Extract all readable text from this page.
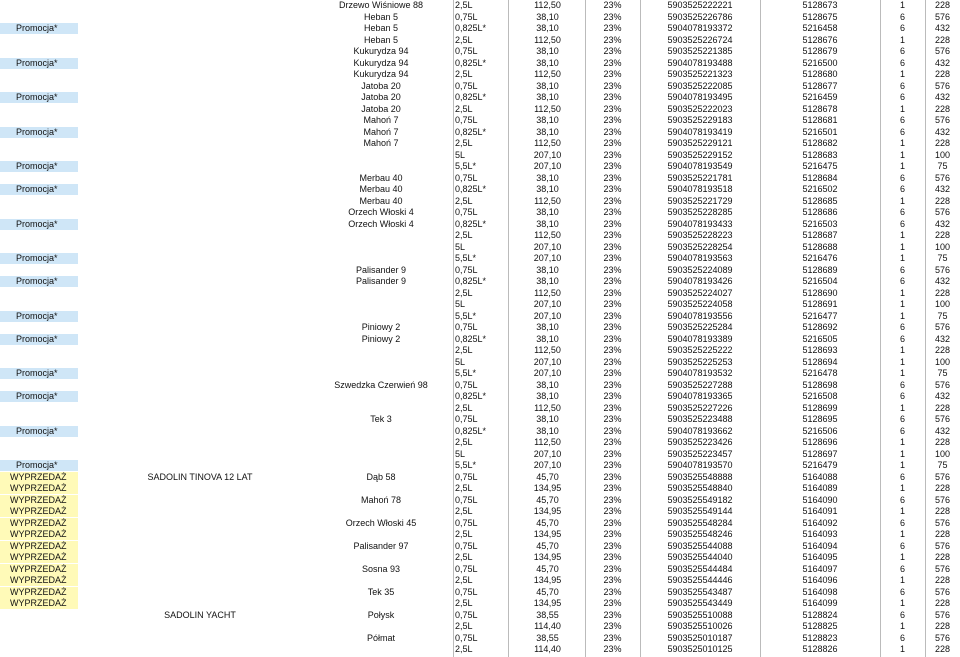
Drzewo Wiśniowe 88	2,5L	112,50	23%	5903525222221	5128673	1	228
Heban 5	0,75L	38,10	23%	5903525226786	5128675	6	576
Promocja*	Heban 5	0,825L*	38,10	23%	5904078193372	5216458	6	432
Heban 5	2,5L	112,50	23%	5903525226724	5128676	1	228
Kukurydza 94	0,75L	38,10	23%	5903525221385	5128679	6	576
Promocja*	Kukurydza 94	0,825L*	38,10	23%	5904078193488	5216500	6	432
Kukurydza 94	2,5L	112,50	23%	5903525221323	5128680	1	228
Jatoba 20	0,75L	38,10	23%	5903525222085	5128677	6	576
Promocja*	Jatoba 20	0,825L*	38,10	23%	5904078193495	5216459	6	432
Jatoba 20	2,5L	112,50	23%	5903525222023	5128678	1	228
Mahoń 7	0,75L	38,10	23%	5903525229183	5128681	6	576
Promocja*	Mahoń 7	0,825L*	38,10	23%	5904078193419	5216501	6	432
Mahoń 7	2,5L	112,50	23%	5903525229121	5128682	1	228
5L	207,10	23%	5903525229152	5128683	1	100
Promocja*	5,5L*	207,10	23%	5904078193549	5216475	1	75
Merbau 40	0,75L	38,10	23%	5903525221781	5128684	6	576
Promocja*	Merbau 40	0,825L*	38,10	23%	5904078193518	5216502	6	432
Merbau 40	2,5L	112,50	23%	5903525221729	5128685	1	228
Orzech Włoski 4	0,75L	38,10	23%	5903525228285	5128686	6	576
Promocja*	Orzech Włoski 4	0,825L*	38,10	23%	5904078193433	5216503	6	432
2,5L	112,50	23%	5903525228223	5128687	1	228
5L	207,10	23%	5903525228254	5128688	1	100
Promocja*	5,5L*	207,10	23%	5904078193563	5216476	1	75
Palisander 9	0,75L	38,10	23%	5903525224089	5128689	6	576
Promocja*	Palisander 9	0,825L*	38,10	23%	5904078193426	5216504	6	432
2,5L	112,50	23%	5903525224027	5128690	1	228
5L	207,10	23%	5903525224058	5128691	1	100
Promocja*	5,5L*	207,10	23%	5904078193556	5216477	1	75
Piniowy 2	0,75L	38,10	23%	5903525225284	5128692	6	576
Promocja*	Piniowy 2	0,825L*	38,10	23%	5904078193389	5216505	6	432
2,5L	112,50	23%	5903525225222	5128693	1	228
5L	207,10	23%	5903525225253	5128694	1	100
Promocja*	5,5L*	207,10	23%	5904078193532	5216478	1	75
Szwedzka Czerwień 98	0,75L	38,10	23%	5903525227288	5128698	6	576
Promocja*	0,825L*	38,10	23%	5904078193365	5216508	6	432
2,5L	112,50	23%	5903525227226	5128699	1	228
Tek 3	0,75L	38,10	23%	5903525223488	5128695	6	576
Promocja*	0,825L*	38,10	23%	5904078193662	5216506	6	432
2,5L	112,50	23%	5903525223426	5128696	1	228
5L	207,10	23%	5903525223457	5128697	1	100
Promocja*	5,5L*	207,10	23%	5904078193570	5216479	1	75
WYPRZEDAŻ	SADOLIN TINOVA 12 LAT	Dąb 58	0,75L	45,70	23%	5903525548888	5164088	6	576
WYPRZEDAŻ	2,5L	134,95	23%	5903525548840	5164089	1	228
WYPRZEDAŻ	Mahoń 78	0,75L	45,70	23%	5903525549182	5164090	6	576
WYPRZEDAŻ	2,5L	134,95	23%	5903525549144	5164091	1	228
WYPRZEDAŻ	Orzech Włoski 45	0,75L	45,70	23%	5903525548284	5164092	6	576
WYPRZEDAŻ	2,5L	134,95	23%	5903525548246	5164093	1	228
WYPRZEDAŻ	Palisander 97	0,75L	45,70	23%	5903525544088	5164094	6	576
WYPRZEDAŻ	2,5L	134,95	23%	5903525544040	5164095	1	228
WYPRZEDAŻ	Sosna 93	0,75L	45,70	23%	5903525544484	5164097	6	576
WYPRZEDAŻ	2,5L	134,95	23%	5903525544446	5164096	1	228
WYPRZEDAŻ	Tek 35	0,75L	45,70	23%	5903525543487	5164098	6	576
WYPRZEDAŻ	2,5L	134,95	23%	5903525543449	5164099	1	228
SADOLIN YACHT	Połysk	0,75L	38,55	23%	5903525510088	5128824	6	576
2,5L	114,40	23%	5903525510026	5128825	1	228
Półmat	0,75L	38,55	23%	5903525010187	5128823	6	576
2,5L	114,40	23%	5903525010125	5128826	1	228
